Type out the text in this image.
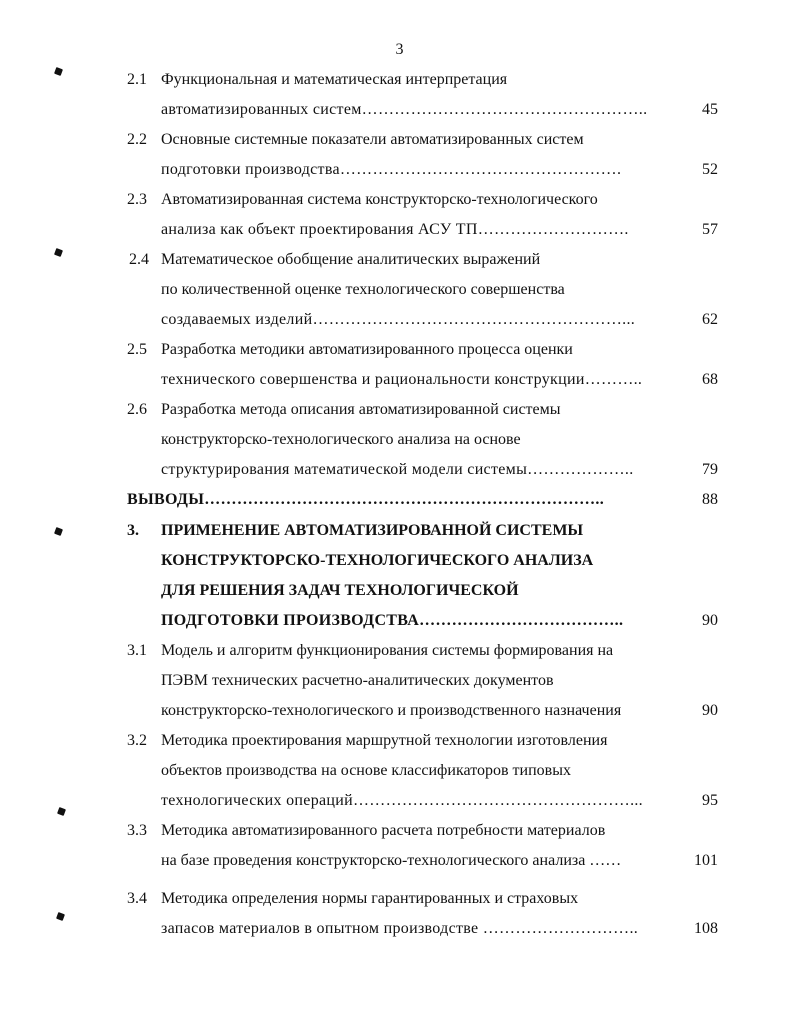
3
2.1 Функциональная и математическая интерпретация
автоматизированных систем……………………………………………..	45
2.2 Основные системные показатели автоматизированных систем
подготовки производства…………………………………………….	52
2.3 Автоматизированная система конструкторско-технологического
анализа как объект проектирования АСУ ТП……………………….	57
2.4 Математическое обобщение аналитических выражений
по количественной оценке технологического совершенства
создаваемых изделий…………………………………………………...	62
2.5 Разработка методики автоматизированного процесса оценки
технического совершенства и рациональности конструкции………..	68
2.6 Разработка метода описания автоматизированной системы
конструкторско-технологического анализа на основе
структурирования математической модели системы………………..	79
ВЫВОДЫ………………………………………………………………..	88
3. ПРИМЕНЕНИЕ АВТОМАТИЗИРОВАННОЙ СИСТЕМЫ
КОНСТРУКТОРСКО-ТЕХНОЛОГИЧЕСКОГО АНАЛИЗА
ДЛЯ РЕШЕНИЯ ЗАДАЧ ТЕХНОЛОГИЧЕСКОЙ
ПОДГОТОВКИ ПРОИЗВОДСТВА………………………………..	90
3.1 Модель и алгоритм функционирования системы формирования на
ПЭВМ технических расчетно-аналитических документов
конструкторско-технологического и производственного назначения	90
3.2 Методика проектирования маршрутной технологии изготовления
объектов производства на основе классификаторов типовых
технологических операций……………………………………………...	95
3.3 Методика автоматизированного расчета потребности материалов
на базе проведения конструкторско-технологического анализа ……	101
3.4 Методика определения нормы гарантированных и страховых
запасов материалов в опытном производстве ………………………..	108
